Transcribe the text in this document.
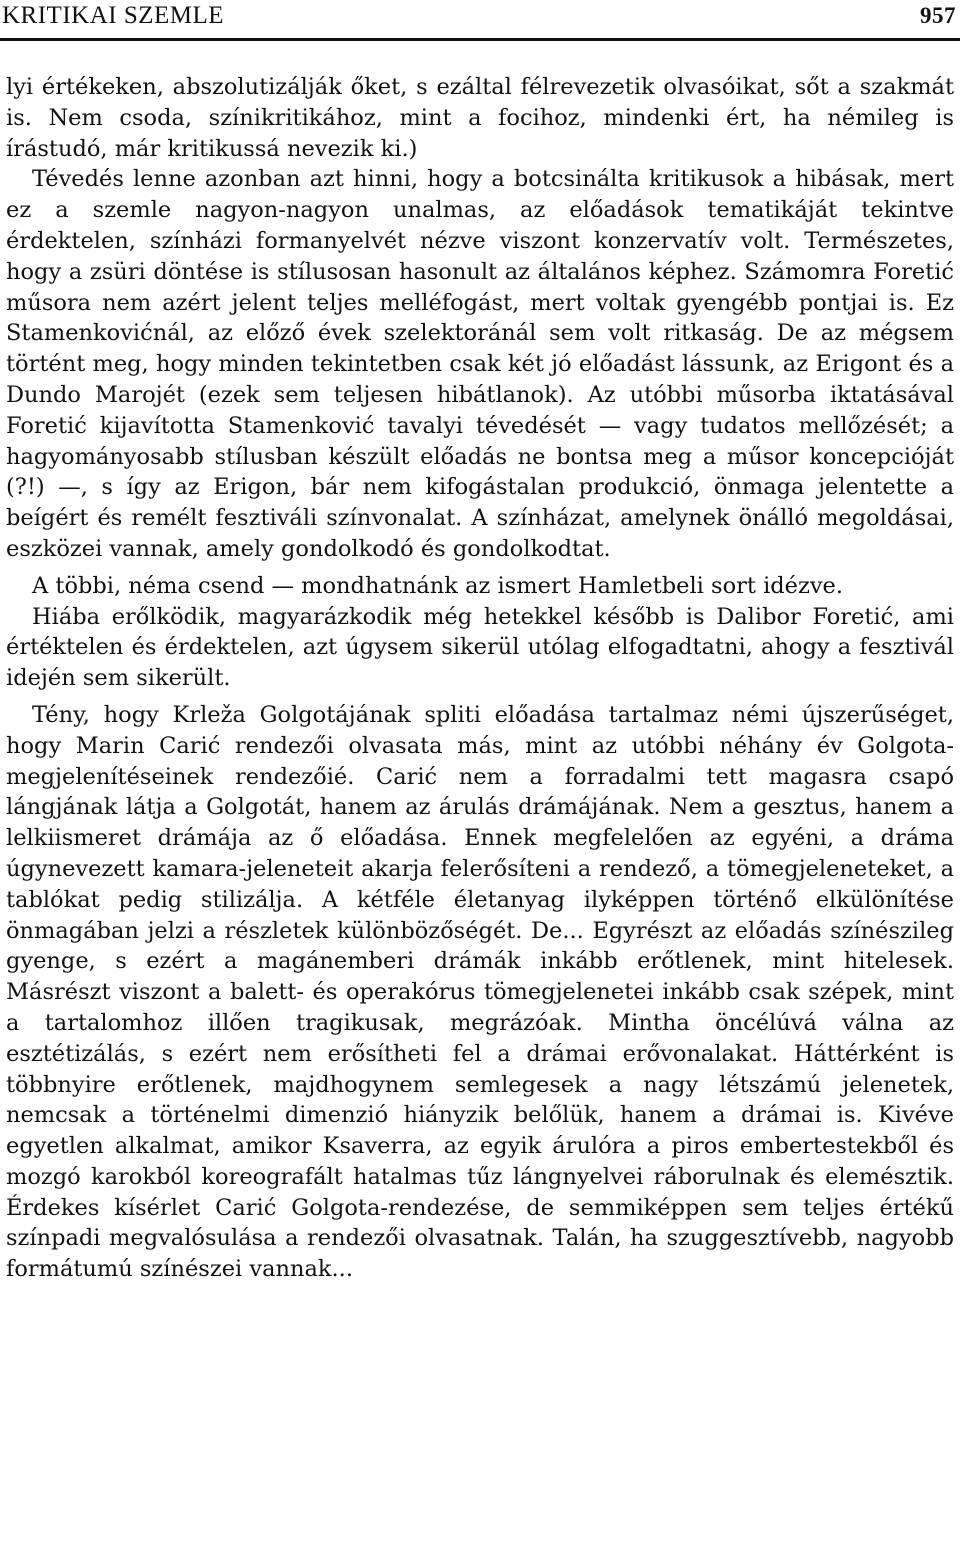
KRITIKAI SZEMLE	957

lyi értékeken, abszolutizálják őket, s ezáltal félrevezetik olvasóikat, sőt a szakmát is. Nem csoda, színikritikához, mint a focihoz, mindenki ért, ha némileg is írástudó, már kritikussá nevezik ki.)

Tévedés lenne azonban azt hinni, hogy a botcsinálta kritikusok a hibásak, mert ez a szemle nagyon-nagyon unalmas, az előadások tematikáját tekintve érdektelen, színházi formanyelvét nézve viszont konzervatív volt. Természetes, hogy a zsüri döntése is stílusosan hasonult az általános képhez. Számomra Foretić műsora nem azért jelent teljes melléfogást, mert voltak gyengébb pontjai is. Ez Stamenkovićnál, az előző évek szelektoránál sem volt ritkaság. De az mégsem történt meg, hogy minden tekintetben csak két jó előadást lássunk, az Erigont és a Dundo Marojét (ezek sem teljesen hibátlanok). Az utóbbi műsorba iktatásával Foretić kijavította Stamenković tavalyi tévedését — vagy tudatos mellőzését; a hagyományosabb stílusban készült előadás ne bontsa meg a műsor koncepcióját (?!) —, s így az Erigon, bár nem kifogástalan produkció, önmaga jelentette a beígért és remélt fesztiváli színvonalat. A színházat, amelynek önálló megoldásai, eszközei vannak, amely gondolkodó és gondolkodtat.

A többi, néma csend — mondhatnánk az ismert Hamletbeli sort idézve.

Hiába erőlködik, magyarázkodik még hetekkel később is Dalibor Foretić, ami értéktelen és érdektelen, azt úgysem sikerül utólag elfogadtatni, ahogy a fesztivál idején sem sikerült.

Tény, hogy Krleža Golgotájának spliti előadása tartalmaz némi újszerűséget, hogy Marin Carić rendezői olvasata más, mint az utóbbi néhány év Golgota-megjelenítéseinek rendezőié. Carić nem a forradalmi tett magasra csapó lángjának látja a Golgotát, hanem az árulás drámájának. Nem a gesztus, hanem a lelkiismeret drámája az ő előadása. Ennek megfelelően az egyéni, a dráma úgynevezett kamara-jeleneteit akarja felerősíteni a rendező, a tömegjeleneteket, a tablókat pedig stilizálja. A kétféle életanyag ilyképpen történő elkülönítése önmagában jelzi a részletek különbözőségét. De... Egyrészt az előadás színészileg gyenge, s ezért a magánemberi drámák inkább erőtlenek, mint hitelesek. Másrészt viszont a balett- és operakórus tömegjelenetei inkább csak szépek, mint a tartalomhoz illően tragikusak, megrázóak. Mintha öncélúvá válna az esztétizálás, s ezért nem erősítheti fel a drámai erővonalakat. Háttérként is többnyire erőtlenek, majdhogynem semlegesek a nagy létszámú jelenetek, nemcsak a történelmi dimenzió hiányzik belőlük, hanem a drámai is. Kivéve egyetlen alkalmat, amikor Ksaverra, az egyik árulóra a piros embertestekből és mozgó karokból koreografált hatalmas tűz lángnyelvei ráborulnak és elemésztik. Érdekes kísérlet Carić Golgota-rendezése, de semmiképpen sem teljes értékű színpadi megvalósulása a rendezői olvasatnak. Talán, ha szuggesztívebb, nagyobb formátumú színészei vannak...
